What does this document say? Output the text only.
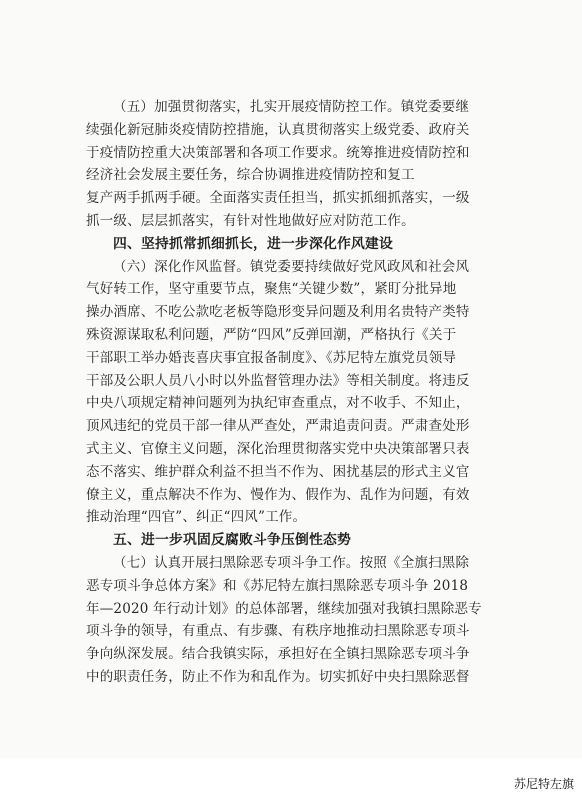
（五）加强贯彻落实，扎实开展疫情防控工作。镇党委要继
续强化新冠肺炎疫情防控措施，认真贯彻落实上级党委、政府关
于疫情防控重大决策部署和各项工作要求。统筹推进疫情防控和
经济社会发展主要任务，综合协调推进疫情防控和复工
复产两手抓两手硬。全面落实责任担当，抓实抓细抓落实，一级
抓一级、层层抓落实，有针对性地做好应对防范工作。
四、坚持抓常抓细抓长，进一步深化作风建设
（六）深化作风监督。镇党委要持续做好党风政风和社会风
气好转工作，坚守重要节点，聚焦“关键少数”，紧盯分批异地
操办酒席、不吃公款吃老板等隐形变异问题及利用名贵特产类特
殊资源谋取私利问题，严防“四风”反弹回潮，严格执行《关于
干部职工举办婚丧喜庆事宜报备制度》、《苏尼特左旗党员领导
干部及公职人员八小时以外监督管理办法》等相关制度。将违反
中央八项规定精神问题列为执纪审查重点，对不收手、不知止，
顶风违纪的党员干部一律从严查处，严肃追责问责。严肃查处形
式主义、官僚主义问题，深化治理贯彻落实党中央决策部署只表
态不落实、维护群众利益不担当不作为、困扰基层的形式主义官
僚主义，重点解决不作为、慢作为、假作为、乱作为问题，有效
推动治理“四官”、纠正“四风”工作。
五、进一步巩固反腐败斗争压倒性态势
（七）认真开展扫黑除恶专项斗争工作。按照《全旗扫黑除
恶专项斗争总体方案》和《苏尼特左旗扫黑除恶专项斗争 2018
年—2020 年行动计划》的总体部署，继续加强对我镇扫黑除恶专
项斗争的领导，有重点、有步骤、有秩序地推动扫黑除恶专项斗
争向纵深发展。结合我镇实际，承担好在全镇扫黑除恶专项斗争
中的职责任务，防止不作为和乱作为。切实抓好中央扫黑除恶督
苏尼特左旗
